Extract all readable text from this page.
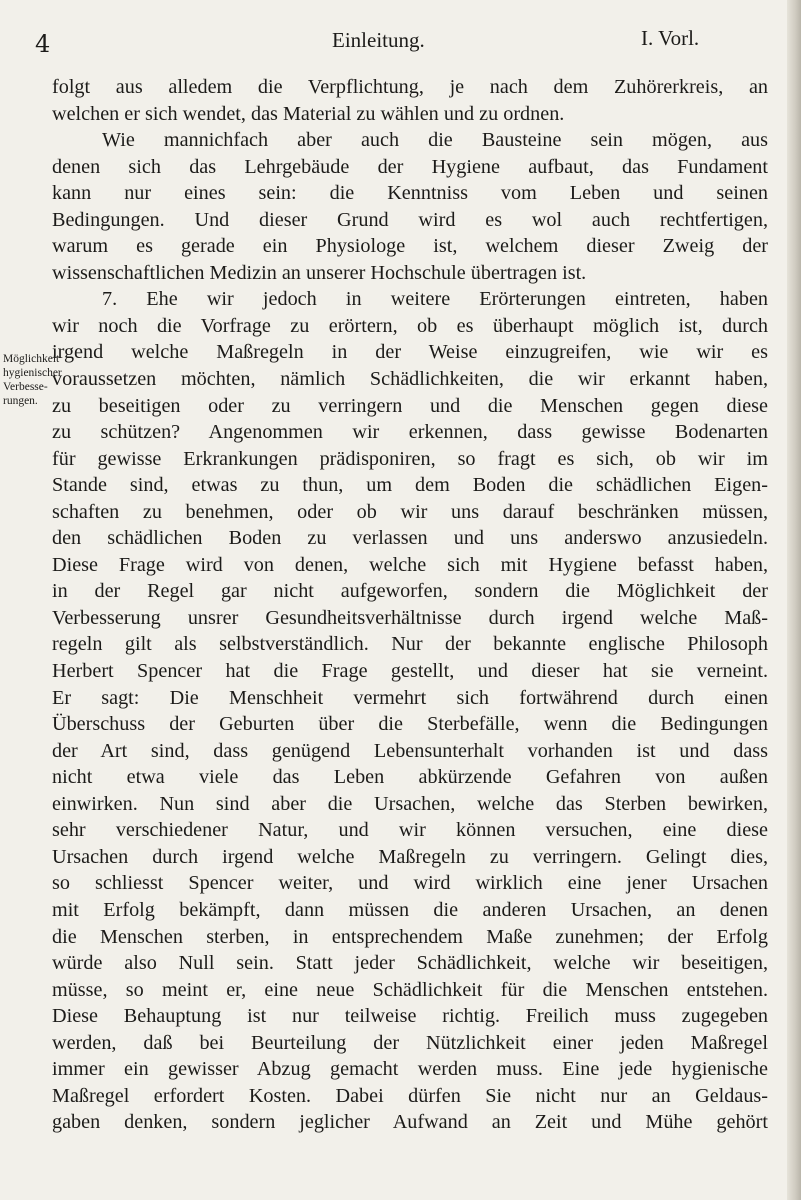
4	Einleitung.	I. Vorl.
Möglichkeit
hygienischer
Verbesse-
rungen.
folgt aus alledem die Verpflichtung, je nach dem Zuhörerkreis, an
welchen er sich wendet, das Material zu wählen und zu ordnen.
Wie mannichfach aber auch die Bausteine sein mögen, aus
denen sich das Lehrgebäude der Hygiene aufbaut, das Fundament
kann nur eines sein: die Kenntniss vom Leben und seinen
Bedingungen. Und dieser Grund wird es wol auch rechtfertigen,
warum es gerade ein Physiologe ist, welchem dieser Zweig der
wissenschaftlichen Medizin an unserer Hochschule übertragen ist.
7. Ehe wir jedoch in weitere Erörterungen eintreten, haben
wir noch die Vorfrage zu erörtern, ob es überhaupt möglich ist, durch
irgend welche Maßregeln in der Weise einzugreifen, wie wir es
voraussetzen möchten, nämlich Schädlichkeiten, die wir erkannt haben,
zu beseitigen oder zu verringern und die Menschen gegen diese
zu schützen? Angenommen wir erkennen, dass gewisse Bodenarten
für gewisse Erkrankungen prädisponiren, so fragt es sich, ob wir im
Stande sind, etwas zu thun, um dem Boden die schädlichen Eigen-
schaften zu benehmen, oder ob wir uns darauf beschränken müssen,
den schädlichen Boden zu verlassen und uns anderswo anzusiedeln.
Diese Frage wird von denen, welche sich mit Hygiene befasst haben,
in der Regel gar nicht aufgeworfen, sondern die Möglichkeit der
Verbesserung unsrer Gesundheitsverhältnisse durch irgend welche Maß-
regeln gilt als selbstverständlich. Nur der bekannte englische Philosoph
Herbert Spencer hat die Frage gestellt, und dieser hat sie verneint.
Er sagt: Die Menschheit vermehrt sich fortwährend durch einen
Überschuss der Geburten über die Sterbefälle, wenn die Bedingungen
der Art sind, dass genügend Lebensunterhalt vorhanden ist und dass
nicht etwa viele das Leben abkürzende Gefahren von außen
einwirken. Nun sind aber die Ursachen, welche das Sterben bewirken,
sehr verschiedener Natur, und wir können versuchen, eine diese
Ursachen durch irgend welche Maßregeln zu verringern. Gelingt dies,
so schliesst Spencer weiter, und wird wirklich eine jener Ursachen
mit Erfolg bekämpft, dann müssen die anderen Ursachen, an denen
die Menschen sterben, in entsprechendem Maße zunehmen; der Erfolg
würde also Null sein. Statt jeder Schädlichkeit, welche wir beseitigen,
müsse, so meint er, eine neue Schädlichkeit für die Menschen entstehen.
Diese Behauptung ist nur teilweise richtig. Freilich muss zugegeben
werden, daß bei Beurteilung der Nützlichkeit einer jeden Maßregel
immer ein gewisser Abzug gemacht werden muss. Eine jede hygienische
Maßregel erfordert Kosten. Dabei dürfen Sie nicht nur an Geldaus-
gaben denken, sondern jeglicher Aufwand an Zeit und Mühe gehört
